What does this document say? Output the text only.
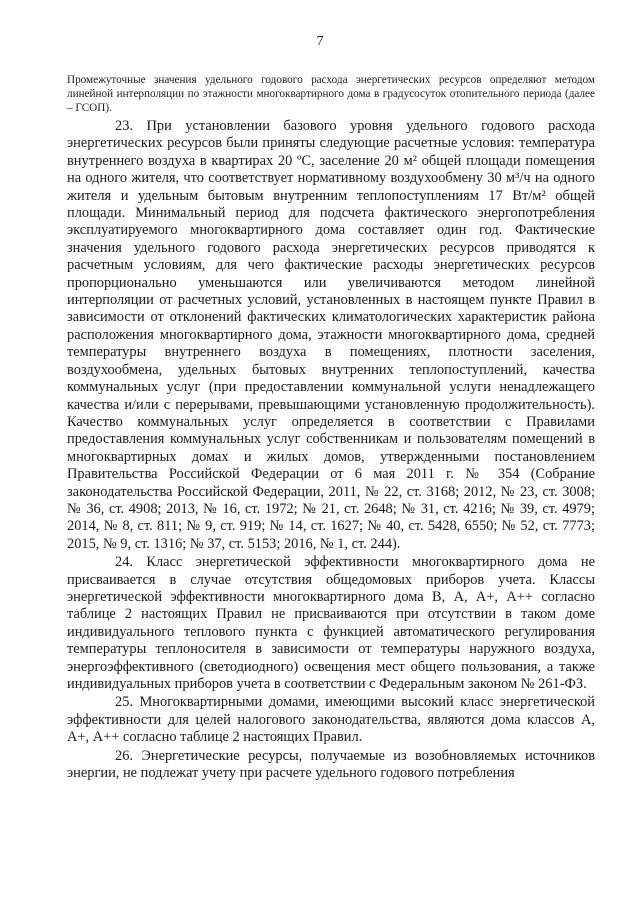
7
Промежуточные значения удельного годового расхода энергетических ресурсов определяют методом линейной интерполяции по этажности многоквартирного дома в градусосуток отопительного периода (далее – ГСОП).

23. При установлении базового уровня удельного годового расхода энергетических ресурсов были приняты следующие расчетные условия: температура внутреннего воздуха в квартирах 20 ºС, заселение 20 м² общей площади помещения на одного жителя, что соответствует нормативному воздухообмену 30 м³/ч на одного жителя и удельным бытовым внутренним теплопоступлениям 17 Вт/м² общей площади. Минимальный период для подсчета фактического энергопотребления эксплуатируемого многоквартирного дома составляет один год. Фактические значения удельного годового расхода энергетических ресурсов приводятся к расчетным условиям, для чего фактические расходы энергетических ресурсов пропорционально уменьшаются или увеличиваются методом линейной интерполяции от расчетных условий, установленных в настоящем пункте Правил в зависимости от отклонений фактических климатологических характеристик района расположения многоквартирного дома, этажности многоквартирного дома, средней температуры внутреннего воздуха в помещениях, плотности заселения, воздухообмена, удельных бытовых внутренних теплопоступлений, качества коммунальных услуг (при предоставлении коммунальной услуги ненадлежащего качества и/или с перерывами, превышающими установленную продолжительность). Качество коммунальных услуг определяется в соответствии с Правилами предоставления коммунальных услуг собственникам и пользователям помещений в многоквартирных домах и жилых домов, утвержденными постановлением Правительства Российской Федерации от 6 мая 2011 г. № 354 (Собрание законодательства Российской Федерации, 2011, № 22, ст. 3168; 2012, № 23, ст. 3008; № 36, ст. 4908; 2013, № 16, ст. 1972; № 21, ст. 2648; № 31, ст. 4216; № 39, ст. 4979; 2014, № 8, ст. 811; № 9, ст. 919; № 14, ст. 1627; № 40, ст. 5428, 6550; № 52, ст. 7773; 2015, № 9, ст. 1316; № 37, ст. 5153; 2016, № 1, ст. 244).

24. Класс энергетической эффективности многоквартирного дома не присваивается в случае отсутствия общедомовых приборов учета. Классы энергетической эффективности многоквартирного дома В, А, А+, А++ согласно таблице 2 настоящих Правил не присваиваются при отсутствии в таком доме индивидуального теплового пункта с функцией автоматического регулирования температуры теплоносителя в зависимости от температуры наружного воздуха, энергоэффективного (светодиодного) освещения мест общего пользования, а также индивидуальных приборов учета в соответствии с Федеральным законом № 261-ФЗ.

25. Многоквартирными домами, имеющими высокий класс энергетической эффективности для целей налогового законодательства, являются дома классов А, А+, А++ согласно таблице 2 настоящих Правил.

26. Энергетические ресурсы, получаемые из возобновляемых источников энергии, не подлежат учету при расчете удельного годового потребления
